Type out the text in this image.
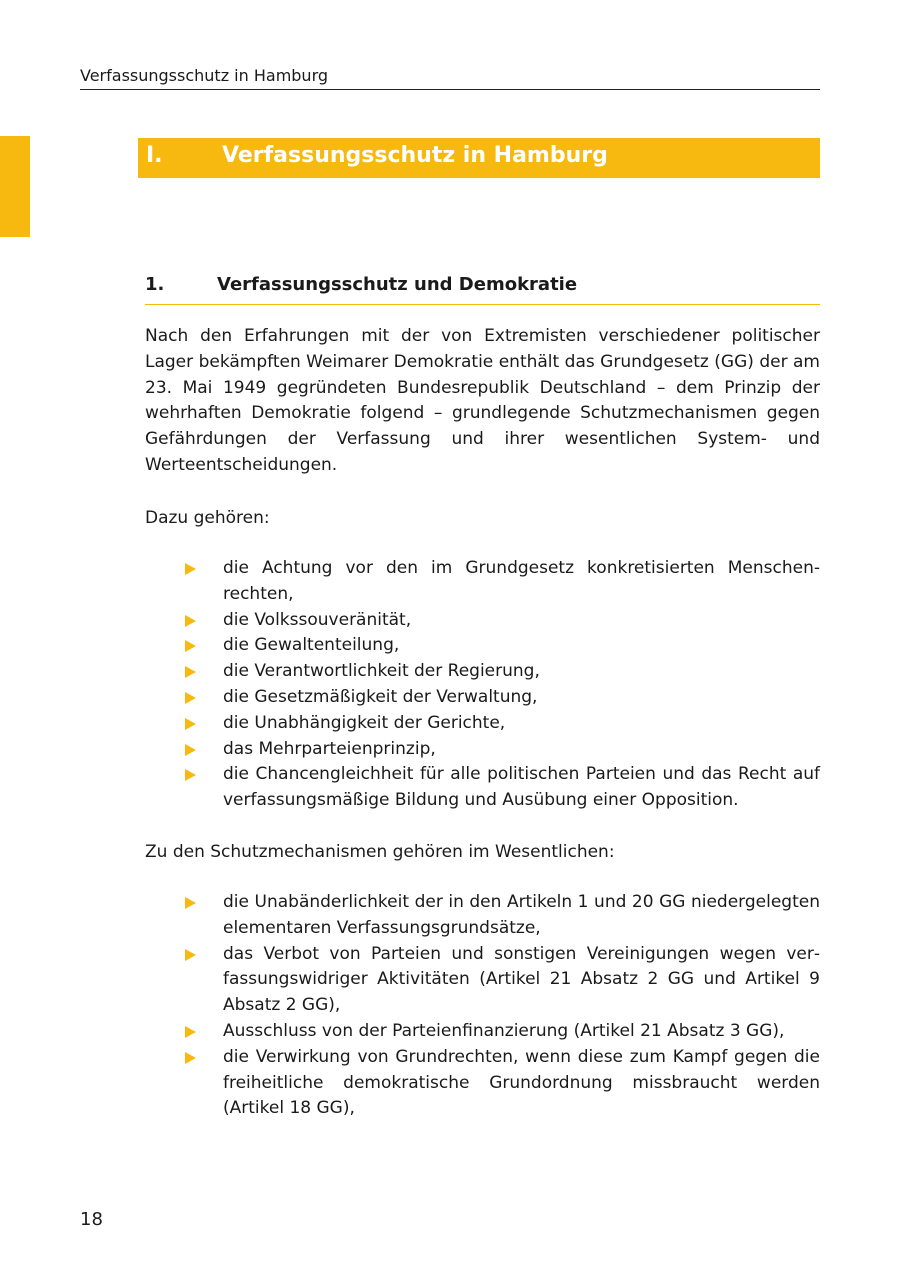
Verfassungsschutz in Hamburg
I.	Verfassungsschutz in Hamburg
1.	Verfassungsschutz und Demokratie

Nach den Erfahrungen mit der von Extremisten verschiedener politischer Lager bekämpften Weimarer Demokratie enthält das Grundgesetz (GG) der am 23. Mai 1949 gegründeten Bundesrepublik Deutschland – dem Prinzip der wehrhaften Demokratie folgend – grundlegende Schutzmechanismen gegen Gefährdungen der Verfassung und ihrer wesentlichen System- und Werteentscheidungen.

Dazu gehören:

die Achtung vor den im Grundgesetz konkretisierten Menschenrechten,
die Volkssouveränität,
die Gewaltenteilung,
die Verantwortlichkeit der Regierung,
die Gesetzmäßigkeit der Verwaltung,
die Unabhängigkeit der Gerichte,
das Mehrparteienprinzip,
die Chancengleichheit für alle politischen Parteien und das Recht auf verfassungsmäßige Bildung und Ausübung einer Opposition.

Zu den Schutzmechanismen gehören im Wesentlichen:

die Unabänderlichkeit der in den Artikeln 1 und 20 GG niedergelegten elementaren Verfassungsgrundsätze,
das Verbot von Parteien und sonstigen Vereinigungen wegen verfassungswidriger Aktivitäten (Artikel 21 Absatz 2 GG und Artikel 9 Absatz 2 GG),
Ausschluss von der Parteienfinanzierung (Artikel 21 Absatz 3 GG),
die Verwirkung von Grundrechten, wenn diese zum Kampf gegen die freiheitliche demokratische Grundordnung missbraucht werden (Artikel 18 GG),
18
